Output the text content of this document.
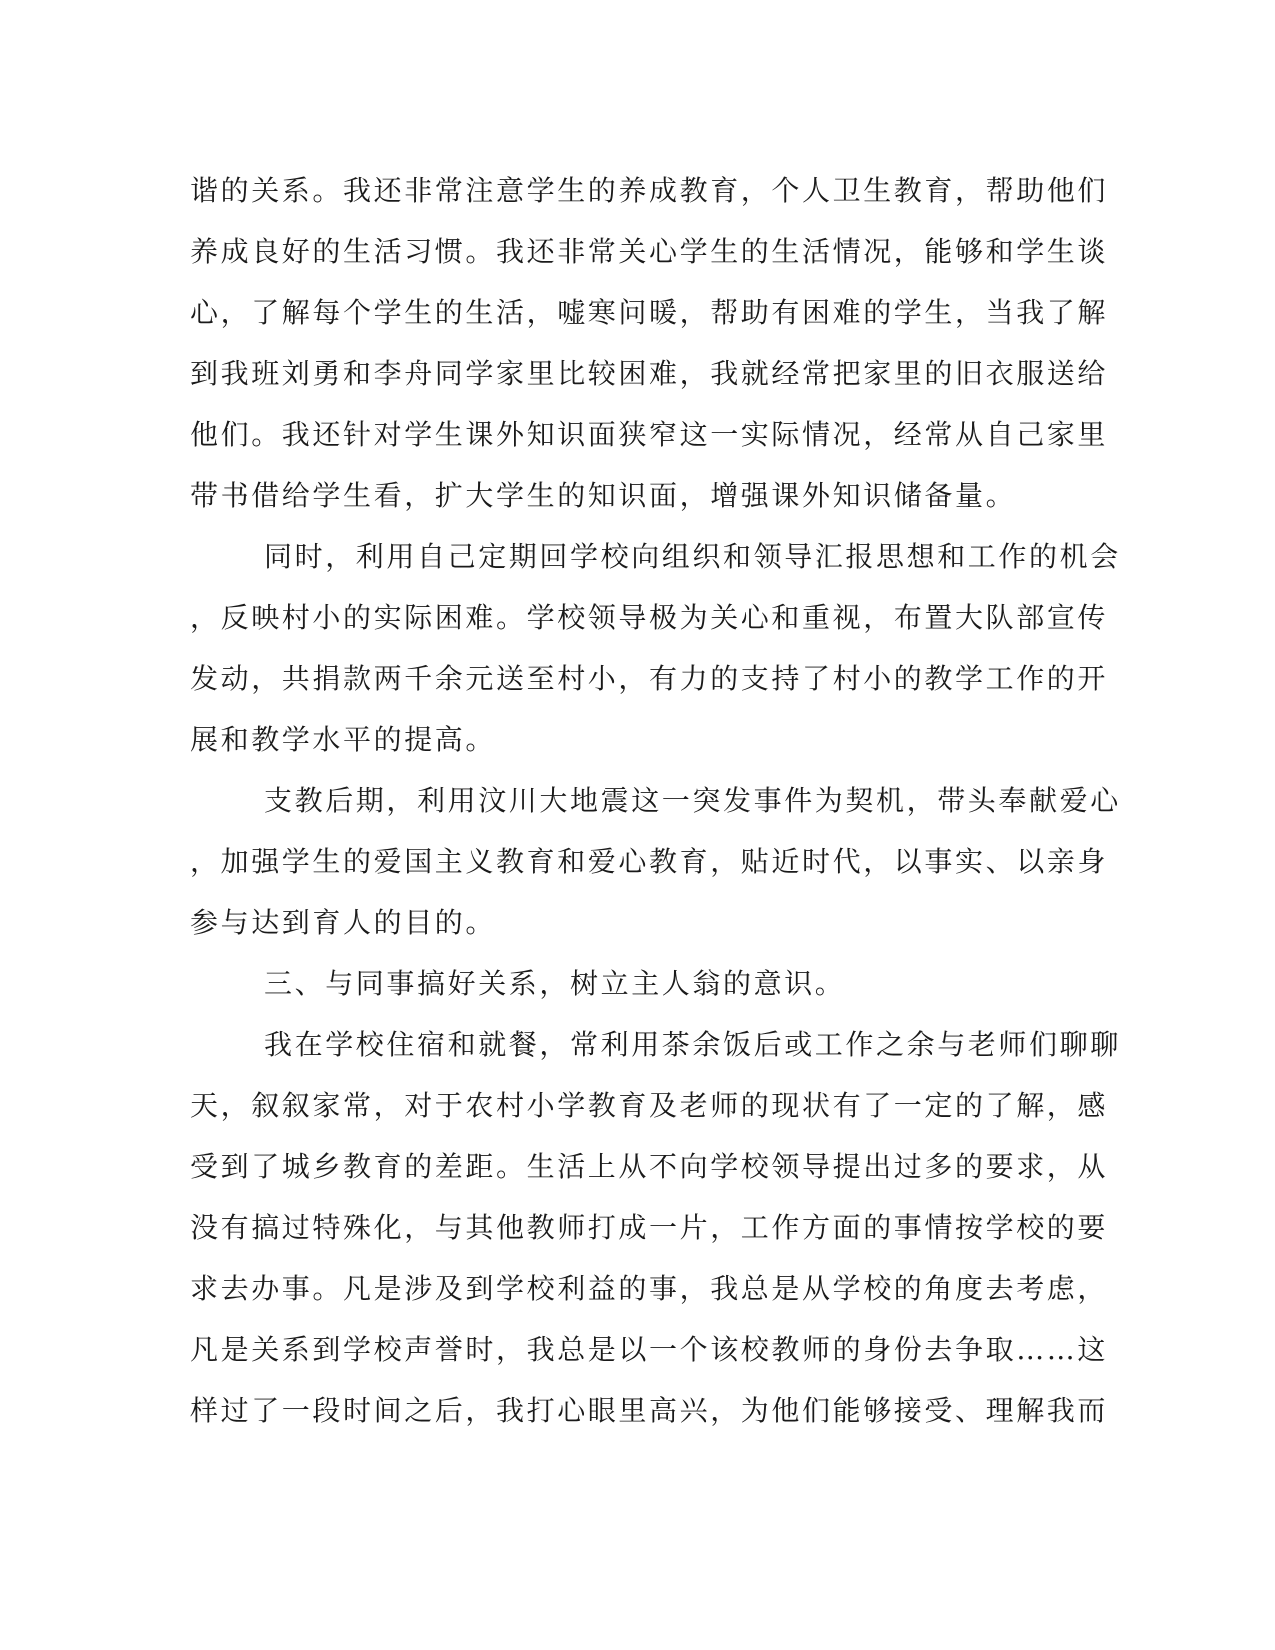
谐的关系。我还非常注意学生的养成教育，个人卫生教育，帮助他们
养成良好的生活习惯。我还非常关心学生的生活情况，能够和学生谈
心，了解每个学生的生活，嘘寒问暖，帮助有困难的学生，当我了解
到我班刘勇和李舟同学家里比较困难，我就经常把家里的旧衣服送给
他们。我还针对学生课外知识面狭窄这一实际情况，经常从自己家里
带书借给学生看，扩大学生的知识面，增强课外知识储备量。
同时，利用自己定期回学校向组织和领导汇报思想和工作的机会
，反映村小的实际困难。学校领导极为关心和重视，布置大队部宣传
发动，共捐款两千余元送至村小，有力的支持了村小的教学工作的开
展和教学水平的提高。
支教后期，利用汶川大地震这一突发事件为契机，带头奉献爱心
，加强学生的爱国主义教育和爱心教育，贴近时代，以事实、以亲身
参与达到育人的目的。
三、与同事搞好关系，树立主人翁的意识。
我在学校住宿和就餐，常利用茶余饭后或工作之余与老师们聊聊
天，叙叙家常，对于农村小学教育及老师的现状有了一定的了解，感
受到了城乡教育的差距。生活上从不向学校领导提出过多的要求，从
没有搞过特殊化，与其他教师打成一片，工作方面的事情按学校的要
求去办事。凡是涉及到学校利益的事，我总是从学校的角度去考虑，
凡是关系到学校声誉时，我总是以一个该校教师的身份去争取……这
样过了一段时间之后，我打心眼里高兴，为他们能够接受、理解我而
